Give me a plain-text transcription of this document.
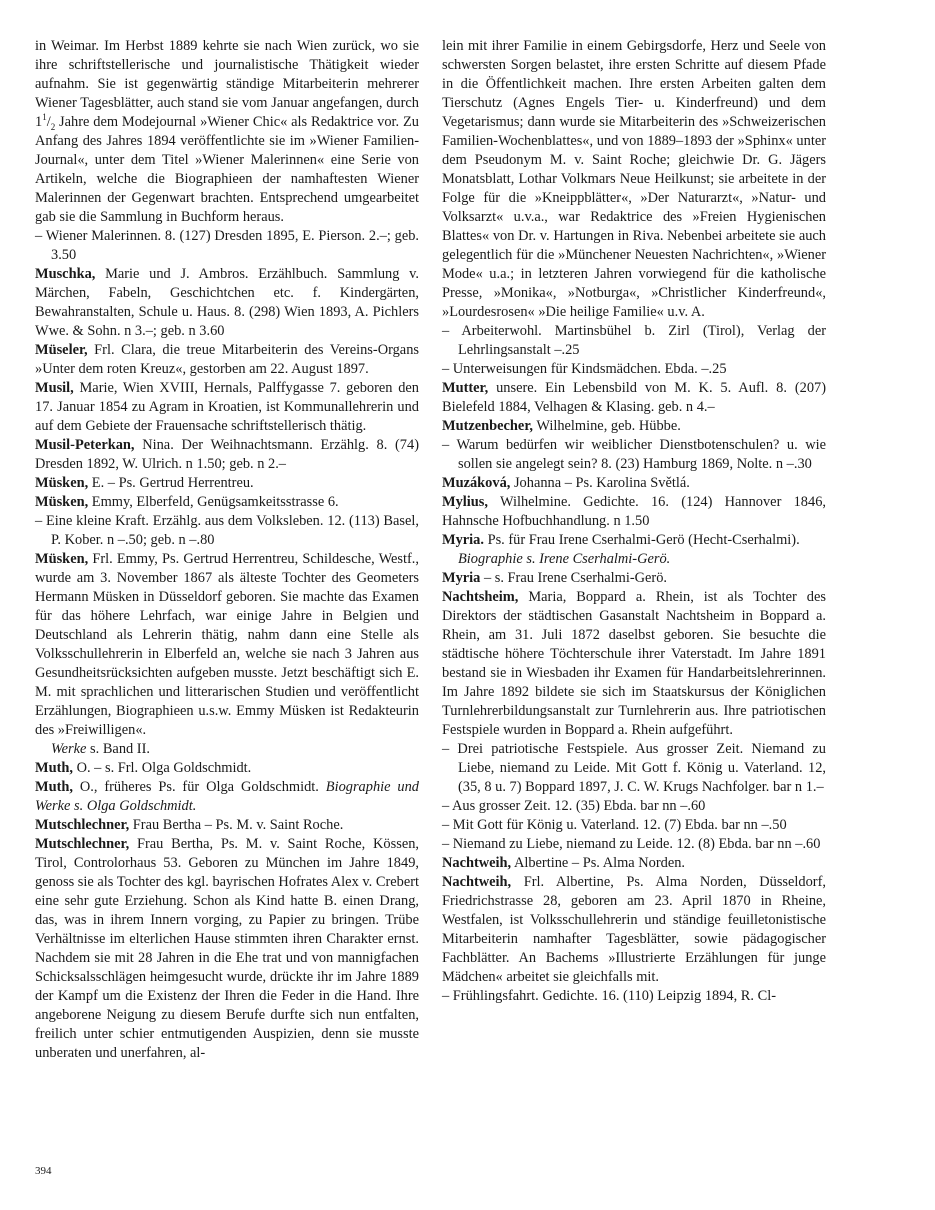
in Weimar. Im Herbst 1889 kehrte sie nach Wien zurück, wo sie ihre schriftstellerische und journalistische Thätigkeit wieder aufnahm. Sie ist gegenwärtig ständige Mitarbeiterin mehrerer Wiener Tagesblätter, auch stand sie vom Januar angefangen, durch $1^1/_2$ Jahre dem Modejournal »Wiener Chic« als Redaktrice vor. Zu Anfang des Jahres 1894 veröffentlichte sie im »Wiener Familien-Journal«, unter dem Titel »Wiener Malerinnen« eine Serie von Artikeln, welche die Biographieen der namhaftesten Wiener Malerinnen der Gegenwart brachten. Entsprechend umgearbeitet gab sie die Sammlung in Buchform heraus.
– Wiener Malerinnen. 8. (127) Dresden 1895, E. Pierson. 2.–; geb. 3.50
Muschka, Marie und J. Ambros. Erzählbuch. Sammlung v. Märchen, Fabeln, Geschichtchen etc. f. Kindergärten, Bewahranstalten, Schule u. Haus. 8. (298) Wien 1893, A. Pichlers Wwe. & Sohn. n 3.–; geb. n 3.60
Müseler, Frl. Clara, die treue Mitarbeiterin des Vereins-Organs »Unter dem roten Kreuz«, gestorben am 22. August 1897.
Musil, Marie, Wien XVIII, Hernals, Palffygasse 7. geboren den 17. Januar 1854 zu Agram in Kroatien, ist Kommunallehrerin und auf dem Gebiete der Frauensache schriftstellerisch thätig.
Musil-Peterkan, Nina. Der Weihnachtsmann. Erzählg. 8. (74) Dresden 1892, W. Ulrich. n 1.50; geb. n 2.–
Müsken, E. – Ps. Gertrud Herrentreu.
Müsken, Emmy, Elberfeld, Genügsamkeitsstrasse 6.
– Eine kleine Kraft. Erzählg. aus dem Volksleben. 12. (113) Basel, P. Kober. n –.50; geb. n –.80
Müsken, Frl. Emmy, Ps. Gertrud Herrentreu, Schildesche, Westf., wurde am 3. November 1867 als älteste Tochter des Geometers Hermann Müsken in Düsseldorf geboren. Sie machte das Examen für das höhere Lehrfach, war einige Jahre in Belgien und Deutschland als Lehrerin thätig, nahm dann eine Stelle als Volksschullehrerin in Elberfeld an, welche sie nach 3 Jahren aus Gesundheitsrücksichten aufgeben musste. Jetzt beschäftigt sich E. M. mit sprachlichen und litterarischen Studien und veröffentlicht Erzählungen, Biographieen u.s.w. Emmy Müsken ist Redakteurin des »Freiwilligen«.
Werke s. Band II.
Muth, O. – s. Frl. Olga Goldschmidt.
Muth, O., früheres Ps. für Olga Goldschmidt. Biographie und Werke s. Olga Goldschmidt.
Mutschlechner, Frau Bertha – Ps. M. v. Saint Roche.
Mutschlechner, Frau Bertha, Ps. M. v. Saint Roche, Kössen, Tirol, Controlorhaus 53. Geboren zu München im Jahre 1849, genoss sie als Tochter des kgl. bayrischen Hofrates Alex v. Crebert eine sehr gute Erziehung. Schon als Kind hatte B. einen Drang, das, was in ihrem Innern vorging, zu Papier zu bringen. Trübe Verhältnisse im elterlichen Hause stimmten ihren Charakter ernst. Nachdem sie mit 28 Jahren in die Ehe trat und von mannigfachen Schicksalsschlägen heimgesucht wurde, drückte ihr im Jahre 1889 der Kampf um die Existenz der Ihren die Feder in die Hand. Ihre angeborene Neigung zu diesem Berufe durfte sich nun entfalten, freilich unter schier entmutigenden Auspizien, denn sie musste unberaten und unerfahren, al-
lein mit ihrer Familie in einem Gebirgsdorfe, Herz und Seele von schwersten Sorgen belastet, ihre ersten Schritte auf diesem Pfade in die Öffentlichkeit machen. Ihre ersten Arbeiten galten dem Tierschutz (Agnes Engels Tier- u. Kinderfreund) und dem Vegetarismus; dann wurde sie Mitarbeiterin des »Schweizerischen Familien-Wochenblattes«, und von 1889–1893 der »Sphinx« unter dem Pseudonym M. v. Saint Roche; gleichwie Dr. G. Jägers Monatsblatt, Lothar Volkmars Neue Heilkunst; sie arbeitete in der Folge für die »Kneippblätter«, »Der Naturarzt«, »Natur- und Volksarzt« u.v.a., war Redaktrice des »Freien Hygienischen Blattes« von Dr. v. Hartungen in Riva. Nebenbei arbeitete sie auch gelegentlich für die »Münchener Neuesten Nachrichten«, »Wiener Mode« u.a.; in letzteren Jahren vorwiegend für die katholische Presse, »Monika«, »Notburga«, »Christlicher Kinderfreund«, »Lourdesrosen« »Die heilige Familie« u.v. A.
– Arbeiterwohl. Martinsbühel b. Zirl (Tirol), Verlag der Lehrlingsanstalt –.25
– Unterweisungen für Kindsmädchen. Ebda. –.25
Mutter, unsere. Ein Lebensbild von M. K. 5. Aufl. 8. (207) Bielefeld 1884, Velhagen & Klasing. geb. n 4.–
Mutzenbecher, Wilhelmine, geb. Hübbe.
– Warum bedürfen wir weiblicher Dienstbotenschulen? u. wie sollen sie angelegt sein? 8. (23) Hamburg 1869, Nolte. n –.30
Muzáková, Johanna – Ps. Karolina Světlá.
Mylius, Wilhelmine. Gedichte. 16. (124) Hannover 1846, Hahnsche Hofbuchhandlung. n 1.50
Myria. Ps. für Frau Irene Cserhalmi-Gerö (Hecht-Cserhalmi).
Biographie s. Irene Cserhalmi-Gerö.
Myria – s. Frau Irene Cserhalmi-Gerö.
Nachtsheim, Maria, Boppard a. Rhein, ist als Tochter des Direktors der städtischen Gasanstalt Nachtsheim in Boppard a. Rhein, am 31. Juli 1872 daselbst geboren. Sie besuchte die städtische höhere Töchterschule ihrer Vaterstadt. Im Jahre 1891 bestand sie in Wiesbaden ihr Examen für Handarbeitslehrerinnen. Im Jahre 1892 bildete sie sich im Staatskursus der Königlichen Turnlehrerbildungsanstalt zur Turnlehrerin aus. Ihre patriotischen Festspiele wurden in Boppard a. Rhein aufgeführt.
– Drei patriotische Festspiele. Aus grosser Zeit. Niemand zu Liebe, niemand zu Leide. Mit Gott f. König u. Vaterland. 12, (35, 8 u. 7) Boppard 1897, J. C. W. Krugs Nachfolger. bar n 1.–
– Aus grosser Zeit. 12. (35) Ebda. bar nn –.60
– Mit Gott für König u. Vaterland. 12. (7) Ebda. bar nn –.50
– Niemand zu Liebe, niemand zu Leide. 12. (8) Ebda. bar nn –.60
Nachtweih, Albertine – Ps. Alma Norden.
Nachtweih, Frl. Albertine, Ps. Alma Norden, Düsseldorf, Friedrichstrasse 28, geboren am 23. April 1870 in Rheine, Westfalen, ist Volksschullehrerin und ständige feuilletonistische Mitarbeiterin namhafter Tagesblätter, sowie pädagogischer Fachblätter. An Bachems »Illustrierte Erzählungen für junge Mädchen« arbeitet sie gleichfalls mit.
– Frühlingsfahrt. Gedichte. 16. (110) Leipzig 1894, R. Cl-
394
